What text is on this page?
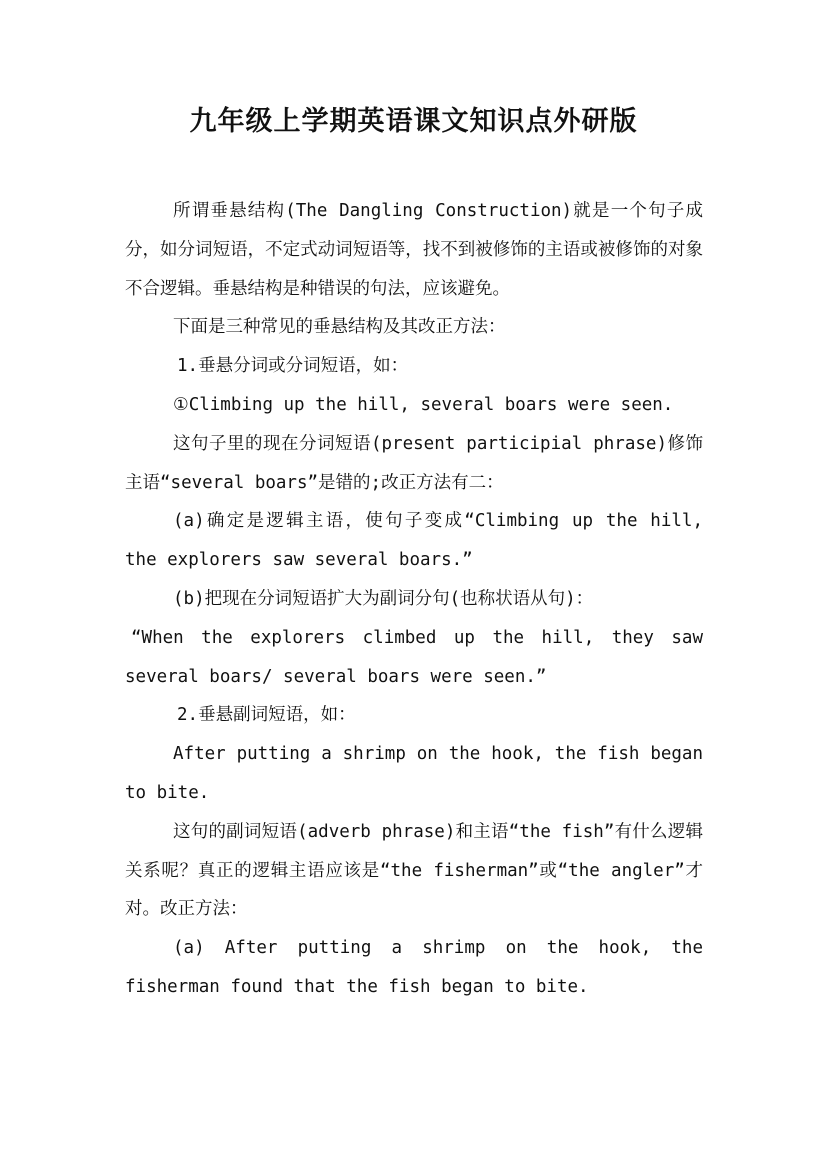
九年级上学期英语课文知识点外研版

所谓垂悬结构(The Dangling Construction)就是一个句子成分，如分词短语，不定式动词短语等，找不到被修饰的主语或被修饰的对象不合逻辑。垂悬结构是种错误的句法，应该避免。

下面是三种常见的垂悬结构及其改正方法：

1.垂悬分词或分词短语，如：

①Climbing up the hill, several boars were seen.

这句子里的现在分词短语(present participial phrase)修饰主语“several boars”是错的;改正方法有二：

(a)确定是逻辑主语，使句子变成“Climbing up the hill, the explorers saw several boars.”

(b)把现在分词短语扩大为副词分句(也称状语从句)：

“When the explorers climbed up the hill, they saw several boars/ several boars were seen.”

2.垂悬副词短语，如：

After putting a shrimp on the hook, the fish began to bite.

这句的副词短语(adverb phrase)和主语“the fish”有什么逻辑关系呢？真正的逻辑主语应该是“the fisherman”或“the angler”才对。改正方法：

(a) After putting a shrimp on the hook, the fisherman found that the fish began to bite.
